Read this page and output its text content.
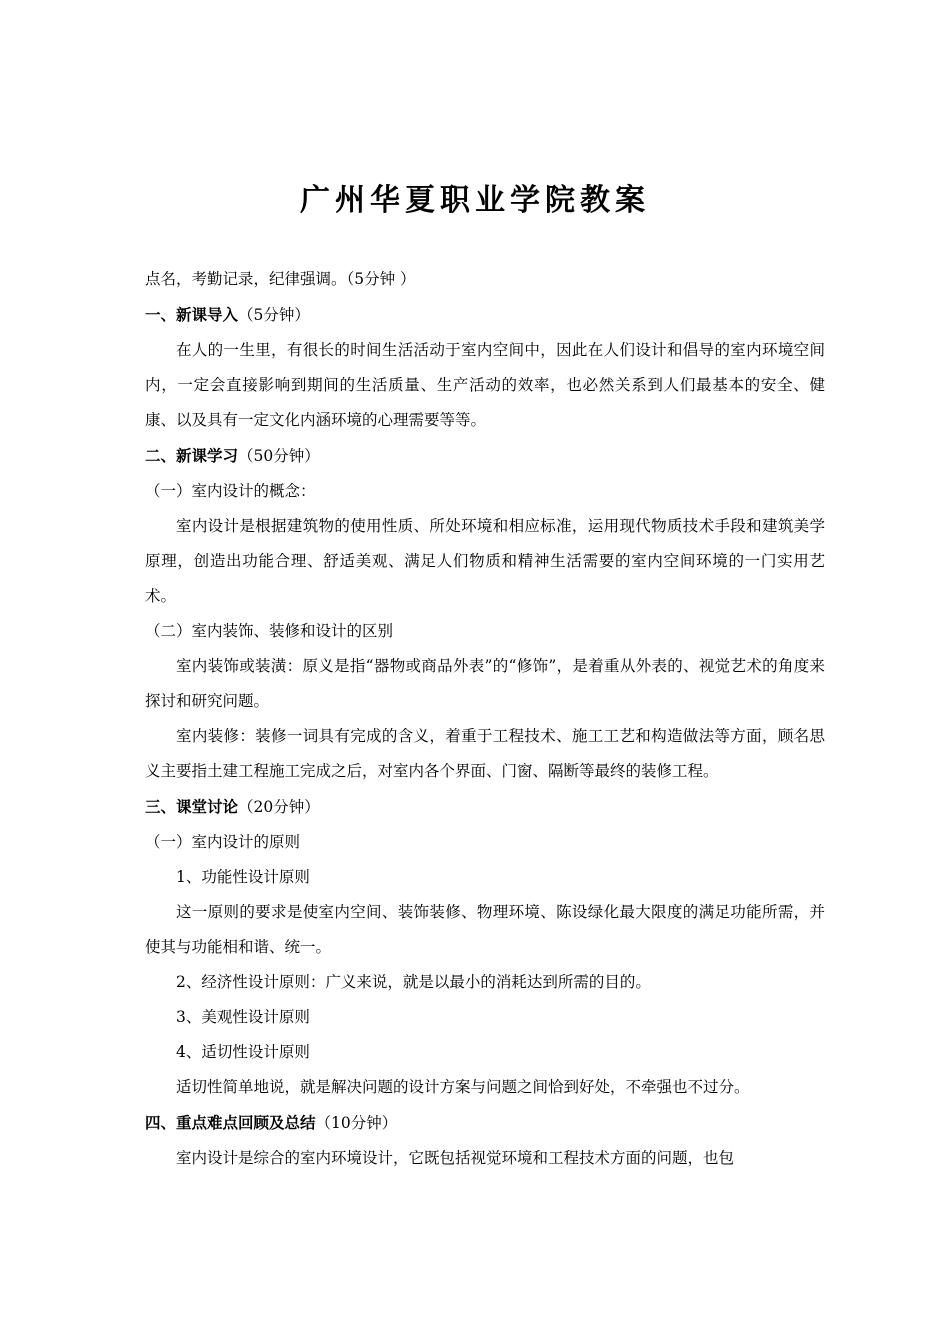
广州华夏职业学院教案

点名，考勤记录，纪律强调。（5分钟 ）

一、新课导入（5分钟）

在人的一生里，有很长的时间生活活动于室内空间中，因此在人们设计和倡导的室内环境空间内，一定会直接影响到期间的生活质量、生产活动的效率，也必然关系到人们最基本的安全、健康、以及具有一定文化内涵环境的心理需要等等。

二、新课学习（50分钟）

（一）室内设计的概念：

室内设计是根据建筑物的使用性质、所处环境和相应标准，运用现代物质技术手段和建筑美学原理，创造出功能合理、舒适美观、满足人们物质和精神生活需要的室内空间环境的一门实用艺术。

（二）室内装饰、装修和设计的区别

室内装饰或装潢：原义是指“器物或商品外表”的“修饰”，是着重从外表的、视觉艺术的角度来探讨和研究问题。

室内装修：装修一词具有完成的含义，着重于工程技术、施工工艺和构造做法等方面，顾名思义主要指土建工程施工完成之后，对室内各个界面、门窗、隔断等最终的装修工程。

三、课堂讨论（20分钟）

（一）室内设计的原则

1、功能性设计原则

这一原则的要求是使室内空间、装饰装修、物理环境、陈设绿化最大限度的满足功能所需，并使其与功能相和谐、统一。

2、经济性设计原则：广义来说，就是以最小的消耗达到所需的目的。

3、美观性设计原则

4、适切性设计原则

适切性简单地说，就是解决问题的设计方案与问题之间恰到好处，不牵强也不过分。

四、重点难点回顾及总结（10分钟）

室内设计是综合的室内环境设计，它既包括视觉环境和工程技术方面的问题，也包
